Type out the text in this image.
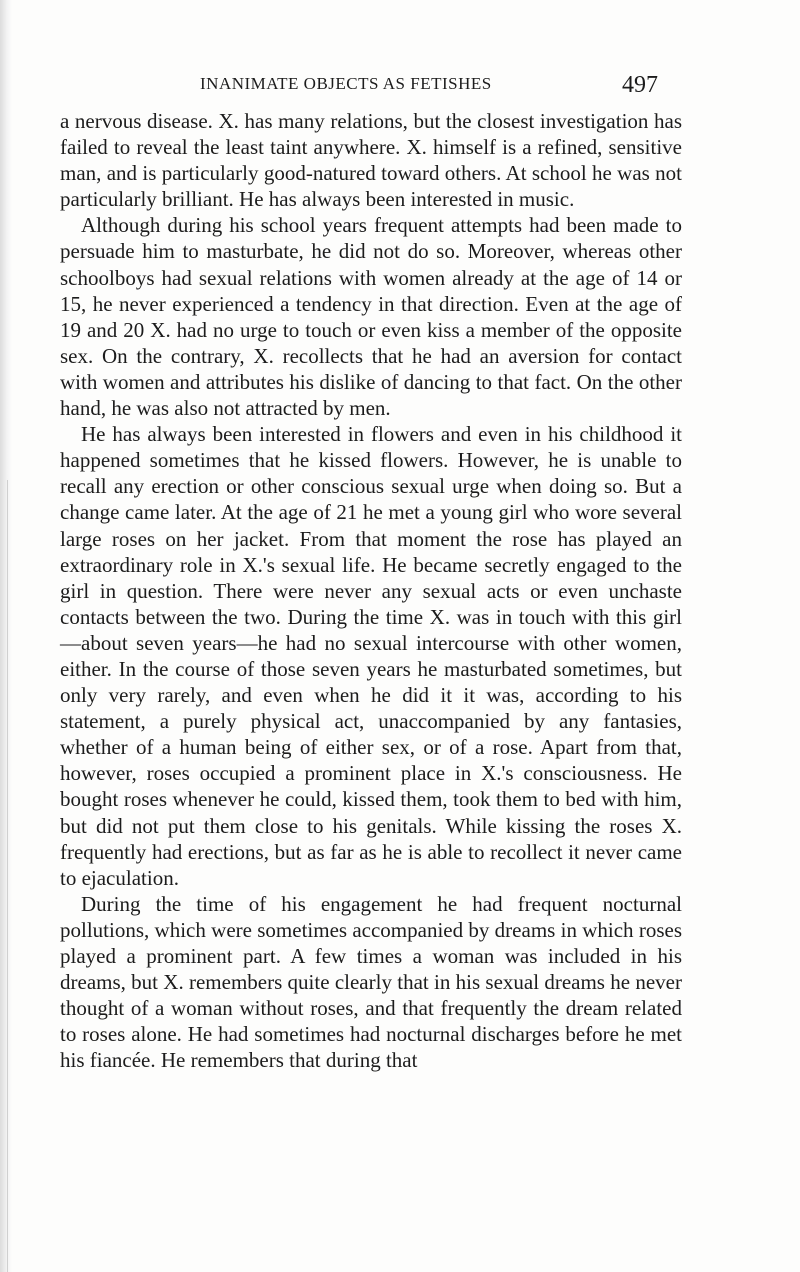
INANIMATE OBJECTS AS FETISHES	497

a nervous disease. X. has many relations, but the closest investigation has failed to reveal the least taint anywhere. X. himself is a refined, sensitive man, and is particularly good-natured toward others. At school he was not particularly brilliant. He has always been interested in music.

Although during his school years frequent attempts had been made to persuade him to masturbate, he did not do so. Moreover, whereas other schoolboys had sexual relations with women already at the age of 14 or 15, he never experienced a tendency in that direction. Even at the age of 19 and 20 X. had no urge to touch or even kiss a member of the opposite sex. On the contrary, X. recollects that he had an aversion for contact with women and attributes his dislike of dancing to that fact. On the other hand, he was also not attracted by men.

He has always been interested in flowers and even in his childhood it happened sometimes that he kissed flowers. However, he is unable to recall any erection or other conscious sexual urge when doing so. But a change came later. At the age of 21 he met a young girl who wore several large roses on her jacket. From that moment the rose has played an extraordinary role in X.'s sexual life. He became secretly engaged to the girl in question. There were never any sexual acts or even unchaste contacts between the two. During the time X. was in touch with this girl—about seven years—he had no sexual intercourse with other women, either. In the course of those seven years he masturbated sometimes, but only very rarely, and even when he did it it was, according to his statement, a purely physical act, unaccompanied by any fantasies, whether of a human being of either sex, or of a rose. Apart from that, however, roses occupied a prominent place in X.'s consciousness. He bought roses whenever he could, kissed them, took them to bed with him, but did not put them close to his genitals. While kissing the roses X. frequently had erections, but as far as he is able to recollect it never came to ejaculation.

During the time of his engagement he had frequent nocturnal pollutions, which were sometimes accompanied by dreams in which roses played a prominent part. A few times a woman was included in his dreams, but X. remembers quite clearly that in his sexual dreams he never thought of a woman without roses, and that frequently the dream related to roses alone. He had sometimes had nocturnal discharges before he met his fiancée. He remembers that during that
